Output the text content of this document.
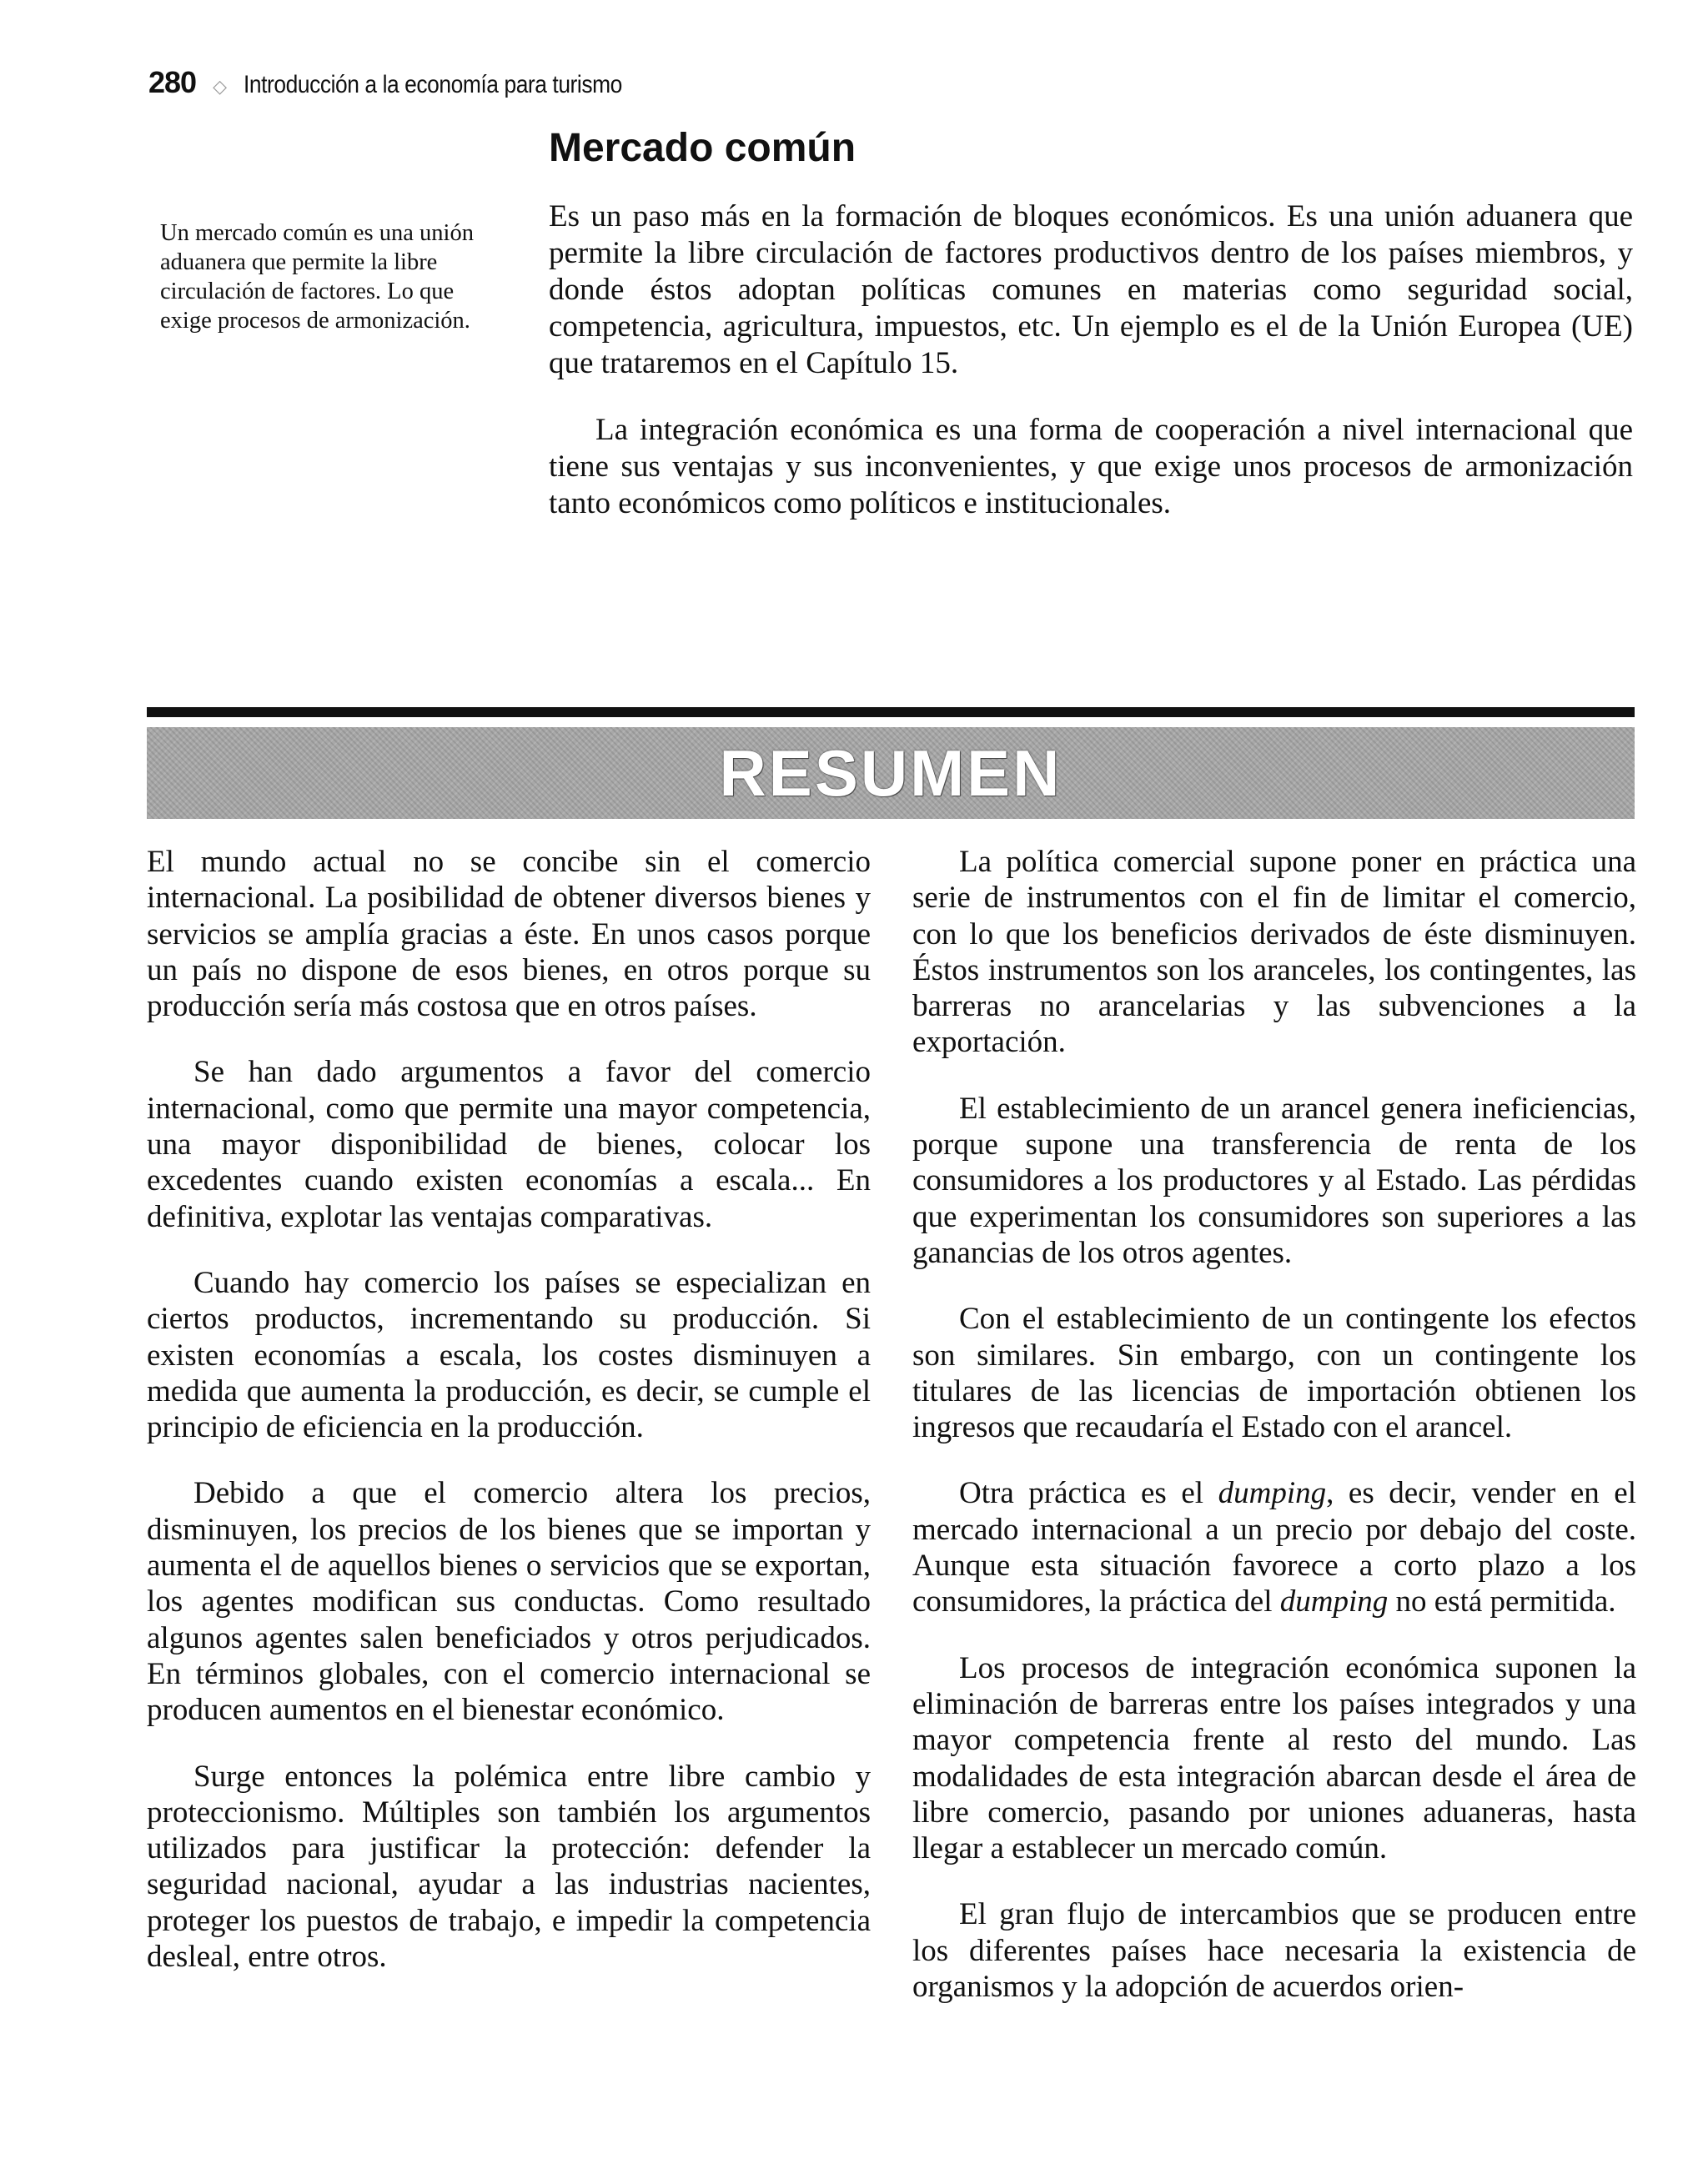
280 ◇ Introducción a la economía para turismo
Mercado común

Un mercado común es una unión aduanera que permite la libre circulación de factores. Lo que exige procesos de armonización.

Es un paso más en la formación de bloques económicos. Es una unión aduanera que permite la libre circulación de factores productivos dentro de los países miembros, y donde éstos adoptan políticas comunes en materias como seguridad social, competencia, agricultura, impuestos, etc. Un ejemplo es el de la Unión Europea (UE) que trataremos en el Capítulo 15.

La integración económica es una forma de cooperación a nivel internacional que tiene sus ventajas y sus inconvenientes, y que exige unos procesos de armonización tanto económicos como políticos e institucionales.

RESUMEN

El mundo actual no se concibe sin el comercio internacional. La posibilidad de obtener diversos bienes y servicios se amplía gracias a éste. En unos casos porque un país no dispone de esos bienes, en otros porque su producción sería más costosa que en otros países.

Se han dado argumentos a favor del comercio internacional, como que permite una mayor competencia, una mayor disponibilidad de bienes, colocar los excedentes cuando existen economías a escala... En definitiva, explotar las ventajas comparativas.

Cuando hay comercio los países se especializan en ciertos productos, incrementando su producción. Si existen economías a escala, los costes disminuyen a medida que aumenta la producción, es decir, se cumple el principio de eficiencia en la producción.

Debido a que el comercio altera los precios, disminuyen, los precios de los bienes que se importan y aumenta el de aquellos bienes o servicios que se exportan, los agentes modifican sus conductas. Como resultado algunos agentes salen beneficiados y otros perjudicados. En términos globales, con el comercio internacional se producen aumentos en el bienestar económico.

Surge entonces la polémica entre libre cambio y proteccionismo. Múltiples son también los argumentos utilizados para justificar la protección: defender la seguridad nacional, ayudar a las industrias nacientes, proteger los puestos de trabajo, e impedir la competencia desleal, entre otros.

La política comercial supone poner en práctica una serie de instrumentos con el fin de limitar el comercio, con lo que los beneficios derivados de éste disminuyen. Éstos instrumentos son los aranceles, los contingentes, las barreras no arancelarias y las subvenciones a la exportación.

El establecimiento de un arancel genera ineficiencias, porque supone una transferencia de renta de los consumidores a los productores y al Estado. Las pérdidas que experimentan los consumidores son superiores a las ganancias de los otros agentes.

Con el establecimiento de un contingente los efectos son similares. Sin embargo, con un contingente los titulares de las licencias de importación obtienen los ingresos que recaudaría el Estado con el arancel.

Otra práctica es el dumping, es decir, vender en el mercado internacional a un precio por debajo del coste. Aunque esta situación favorece a corto plazo a los consumidores, la práctica del dumping no está permitida.

Los procesos de integración económica suponen la eliminación de barreras entre los países integrados y una mayor competencia frente al resto del mundo. Las modalidades de esta integración abarcan desde el área de libre comercio, pasando por uniones aduaneras, hasta llegar a establecer un mercado común.

El gran flujo de intercambios que se producen entre los diferentes países hace necesaria la existencia de organismos y la adopción de acuerdos orien-
